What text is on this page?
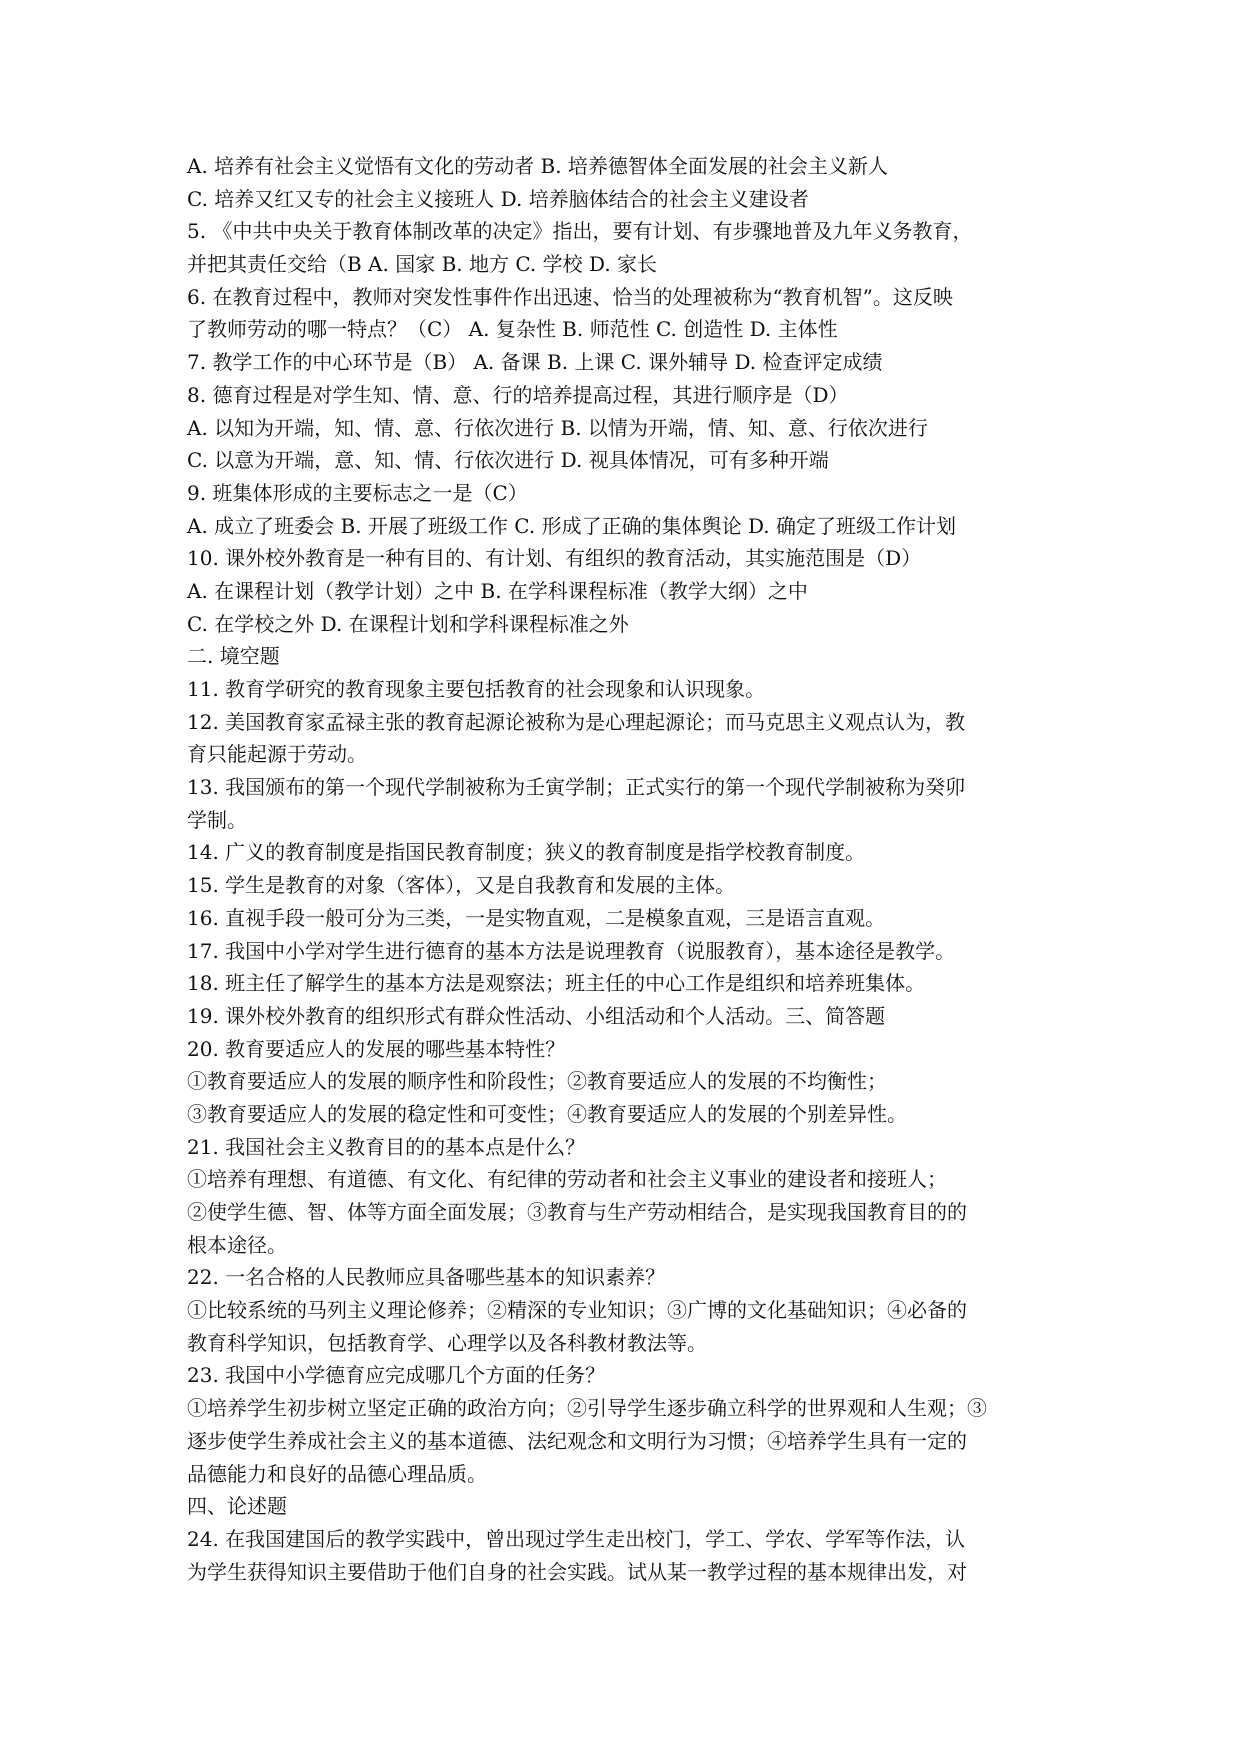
A. 培养有社会主义觉悟有文化的劳动者 B. 培养德智体全面发展的社会主义新人
C. 培养又红又专的社会主义接班人 D. 培养脑体结合的社会主义建设者
5. 《中共中央关于教育体制改革的决定》指出，要有计划、有步骤地普及九年义务教育，
并把其责任交给（B A. 国家 B. 地方 C. 学校 D. 家长
6. 在教育过程中，教师对突发性事件作出迅速、恰当的处理被称为“教育机智”。这反映
了教师劳动的哪一特点？（C） A. 复杂性 B. 师范性 C. 创造性 D. 主体性
7. 教学工作的中心环节是（B） A. 备课 B. 上课 C. 课外辅导 D. 检查评定成绩
8. 德育过程是对学生知、情、意、行的培养提高过程，其进行顺序是（D）
A. 以知为开端，知、情、意、行依次进行 B. 以情为开端，情、知、意、行依次进行
C. 以意为开端，意、知、情、行依次进行 D. 视具体情况，可有多种开端
9. 班集体形成的主要标志之一是（C）
A. 成立了班委会 B. 开展了班级工作 C. 形成了正确的集体舆论 D. 确定了班级工作计划
10. 课外校外教育是一种有目的、有计划、有组织的教育活动，其实施范围是（D）
A. 在课程计划（教学计划）之中 B. 在学科课程标准（教学大纲）之中
C. 在学校之外 D. 在课程计划和学科课程标准之外
二. 境空题
11. 教育学研究的教育现象主要包括教育的社会现象和认识现象。
12. 美国教育家孟禄主张的教育起源论被称为是心理起源论；而马克思主义观点认为，教
育只能起源于劳动。
13. 我国颁布的第一个现代学制被称为壬寅学制；正式实行的第一个现代学制被称为癸卯
学制。
14. 广义的教育制度是指国民教育制度；狭义的教育制度是指学校教育制度。
15. 学生是教育的对象（客体），又是自我教育和发展的主体。
16. 直视手段一般可分为三类，一是实物直观，二是模象直观，三是语言直观。
17. 我国中小学对学生进行德育的基本方法是说理教育（说服教育），基本途径是教学。
18. 班主任了解学生的基本方法是观察法；班主任的中心工作是组织和培养班集体。
19. 课外校外教育的组织形式有群众性活动、小组活动和个人活动。三、简答题
20. 教育要适应人的发展的哪些基本特性？
①教育要适应人的发展的顺序性和阶段性；②教育要适应人的发展的不均衡性；
③教育要适应人的发展的稳定性和可变性；④教育要适应人的发展的个别差异性。
21. 我国社会主义教育目的的基本点是什么？
①培养有理想、有道德、有文化、有纪律的劳动者和社会主义事业的建设者和接班人；
②使学生德、智、体等方面全面发展；③教育与生产劳动相结合，是实现我国教育目的的
根本途径。
22. 一名合格的人民教师应具备哪些基本的知识素养？
①比较系统的马列主义理论修养；②精深的专业知识；③广博的文化基础知识；④必备的
教育科学知识，包括教育学、心理学以及各科教材教法等。
23. 我国中小学德育应完成哪几个方面的任务？
①培养学生初步树立坚定正确的政治方向；②引导学生逐步确立科学的世界观和人生观；③
逐步使学生养成社会主义的基本道德、法纪观念和文明行为习惯；④培养学生具有一定的
品德能力和良好的品德心理品质。
四、论述题
24. 在我国建国后的教学实践中，曾出现过学生走出校门，学工、学农、学军等作法，认
为学生获得知识主要借助于他们自身的社会实践。试从某一教学过程的基本规律出发，对
